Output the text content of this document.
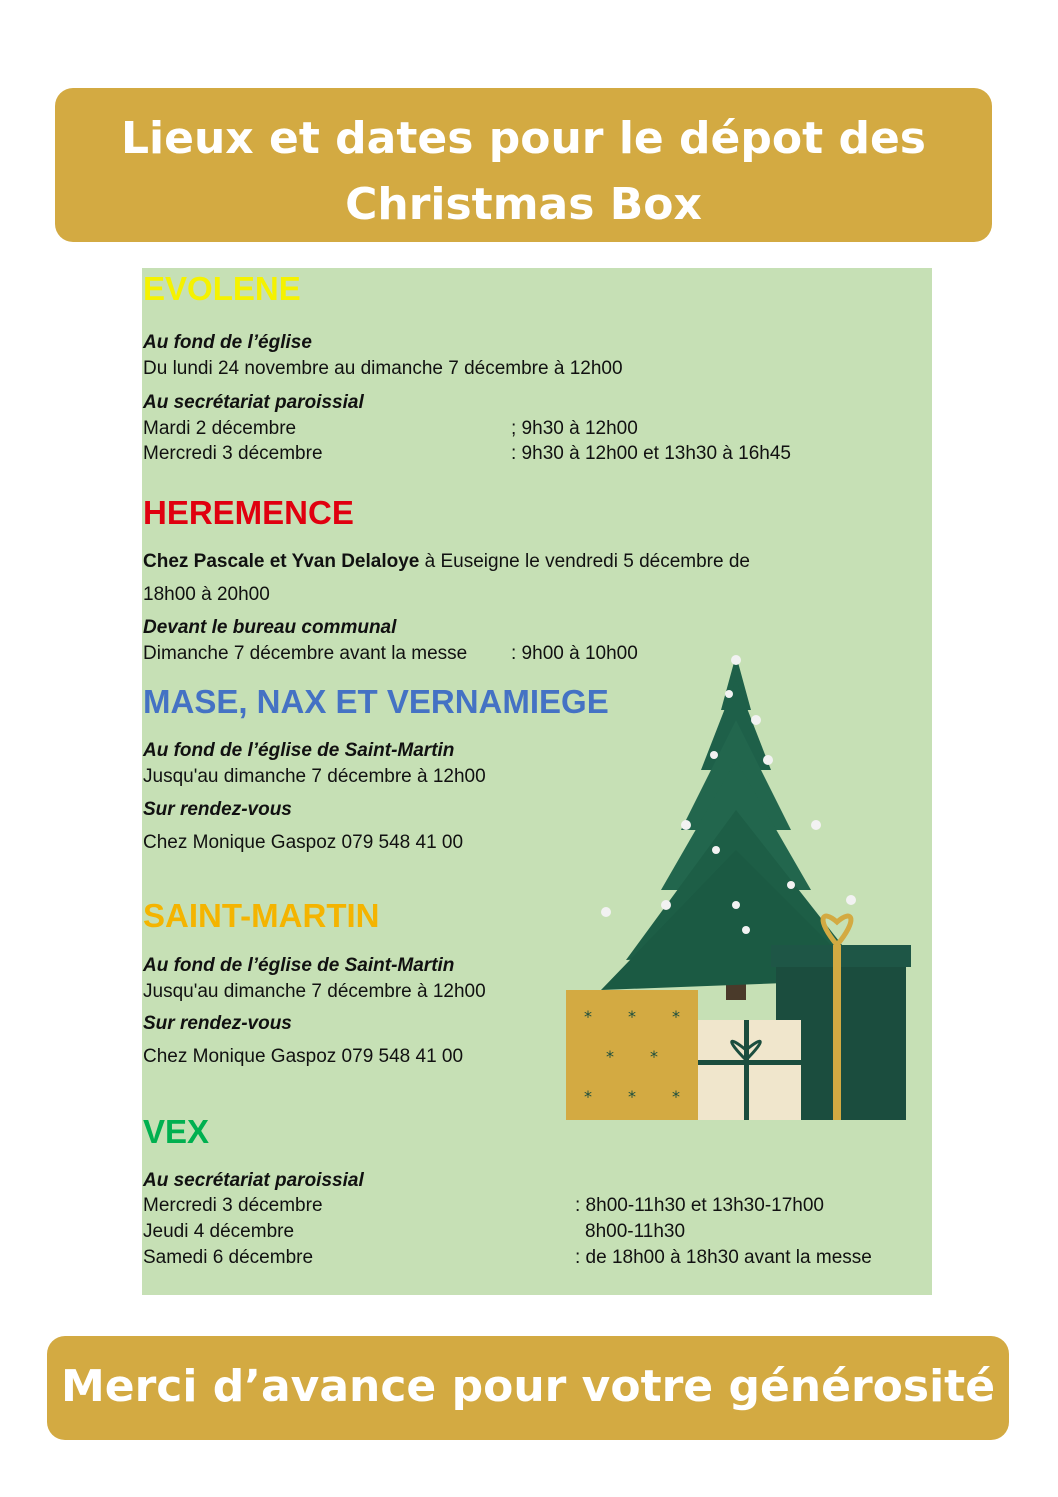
Lieux et dates pour le dépot des
Christmas Box
EVOLENE
Au fond de l’église
Du lundi 24 novembre au dimanche 7 décembre à 12h00
Au secrétariat paroissial
Mardi 2 décembre	; 9h30 à 12h00
Mercredi 3 décembre	: 9h30 à 12h00 et 13h30 à 16h45
HEREMENCE
Chez Pascale et Yvan Delaloye à Euseigne le vendredi 5 décembre de
18h00 à 20h00
Devant le bureau communal
Dimanche 7 décembre avant la messe : 9h00 à 10h00
* * *
* *
* * *
MASE, NAX ET VERNAMIEGE
Au fond de l’église de Saint-Martin
Jusqu'au dimanche 7 décembre à 12h00
Sur rendez-vous
Chez Monique Gaspoz 079 548 41 00
SAINT-MARTIN
Au fond de l’église de Saint-Martin
Jusqu'au dimanche 7 décembre à 12h00
Sur rendez-vous
Chez Monique Gaspoz 079 548 41 00
VEX
Au secrétariat paroissial
Mercredi 3 décembre	: 8h00-11h30 et 13h30-17h00
Jeudi 4 décembre	8h00-11h30
Samedi 6 décembre	: de 18h00 à 18h30 avant la messe
Merci d’avance pour votre générosité
